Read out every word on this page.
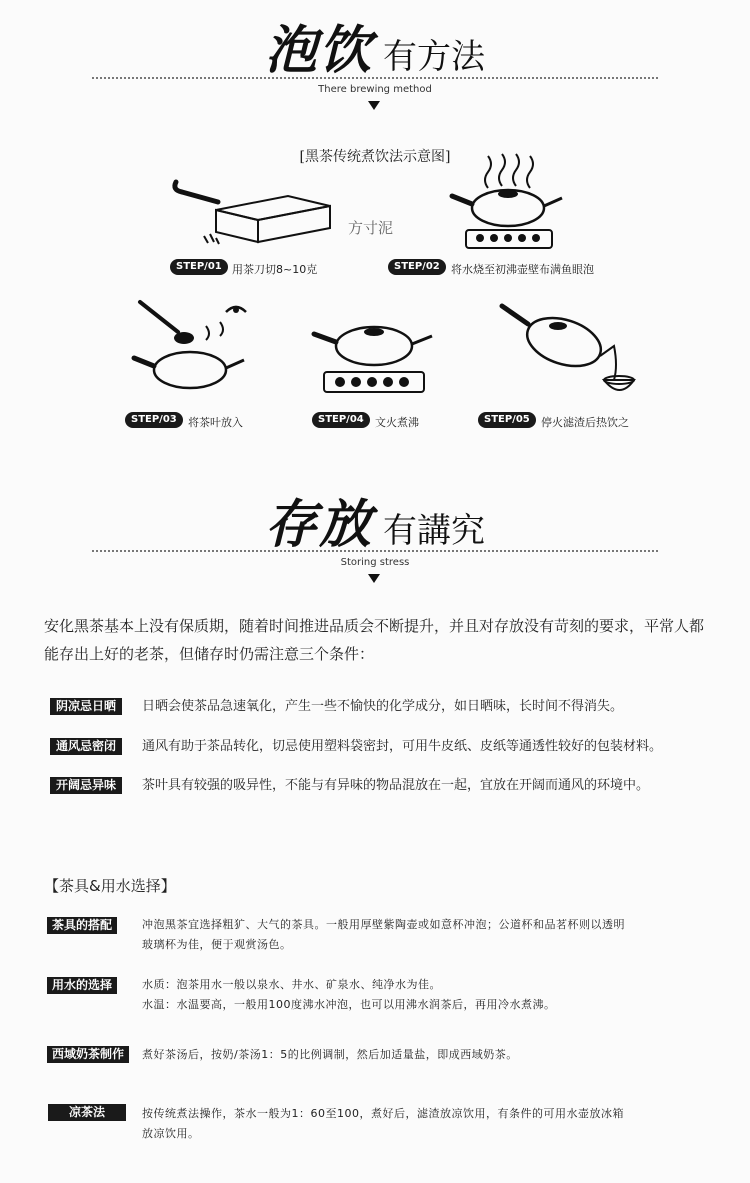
泡饮 有方法
There brewing method
[黑茶传统煮饮法示意图]
方寸泥
STEP/01 用茶刀切8~10克	STEP/02	将水烧至初沸壶壁布满鱼眼泡
STEP/03	将茶叶放入	STEP/04	文火煮沸	STEP/05	停火滤渣后热饮之
存放 有講究
Storing stress
安化黑茶基本上没有保质期，随着时间推进品质会不断提升，并且对存放没有苛刻的要求，平常人都能存出上好的老茶，但储存时仍需注意三个条件：
阴凉忌日晒	日晒会使茶品急速氧化，产生一些不愉快的化学成分，如日晒味，长时间不得消失。
通风忌密闭	通风有助于茶品转化，切忌使用塑料袋密封，可用牛皮纸、皮纸等通透性较好的包装材料。
开阔忌异味	茶叶具有较强的吸异性，不能与有异味的物品混放在一起，宜放在开阔而通风的环境中。
【茶具&用水选择】
茶具的搭配	冲泡黑茶宜选择粗犷、大气的茶具。一般用厚壁紫陶壶或如意杯冲泡；公道杯和品茗杯则以透明
玻璃杯为佳，便于观赏汤色。
用水的选择	水质：泡茶用水一般以泉水、井水、矿泉水、纯净水为佳。
水温：水温要高，一般用100度沸水冲泡，也可以用沸水润茶后，再用冷水煮沸。
西域奶茶制作	煮好茶汤后，按奶/茶汤1：5的比例调制，然后加适量盐，即成西域奶茶。
凉茶法	按传统煮法操作，茶水一般为1：60至100，煮好后，滤渣放凉饮用，有条件的可用水壶放冰箱
放凉饮用。
